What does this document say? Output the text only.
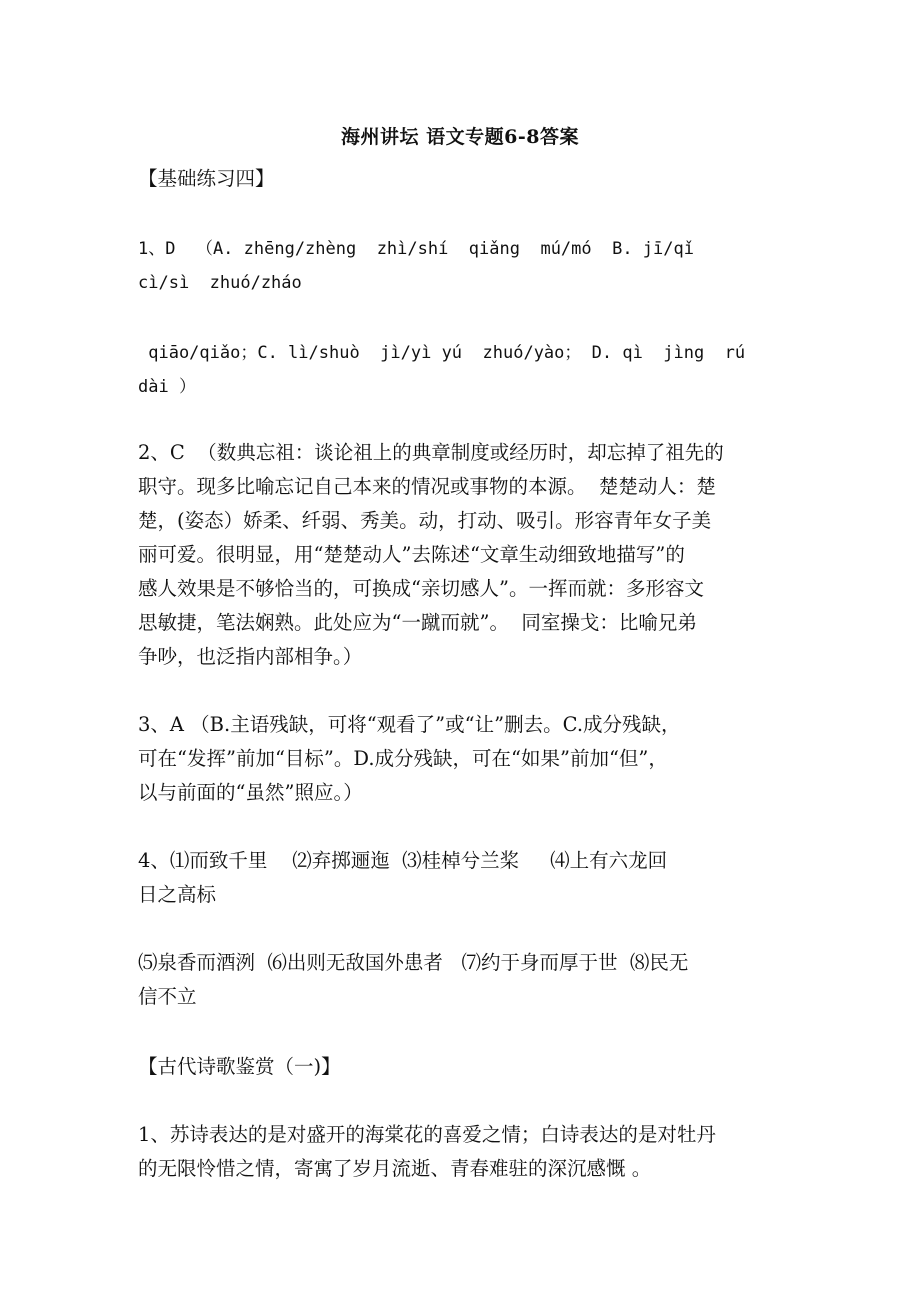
海州讲坛 语文专题6-8答案
【基础练习四】
1、D  （A. zhēng/zhèng  zhì/shí  qiǎng  mú/mó  B. jī/qǐ
cì/sì  zhuó/zháo
qiāo/qiǎo；C. lì/shuò  jì/yì yú  zhuó/yào； D. qì  jìng  rú
dài ）
2、C  （数典忘祖：谈论祖上的典章制度或经历时，却忘掉了祖先的
职守。现多比喻忘记自己本来的情况或事物的本源。  楚楚动人：楚
楚，(姿态）娇柔、纤弱、秀美。动，打动、吸引。形容青年女子美
丽可爱。很明显，用“楚楚动人”去陈述“文章生动细致地描写”的
感人效果是不够恰当的，可换成“亲切感人”。一挥而就：多形容文
思敏捷，笔法娴熟。此处应为“一蹴而就”。  同室操戈：比喻兄弟
争吵，也泛指内部相争。）
3、A （B.主语残缺，可将“观看了”或“让”删去。C.成分残缺，
可在“发挥”前加“目标”。D.成分残缺，可在“如果”前加“但”，
以与前面的“虽然”照应。）
4、⑴而致千里    ⑵弃掷逦迤  ⑶桂棹兮兰桨     ⑷上有六龙回
日之高标
⑸泉香而酒洌  ⑹出则无敌国外患者   ⑺约于身而厚于世  ⑻民无
信不立
【古代诗歌鉴赏（一)】
1、苏诗表达的是对盛开的海棠花的喜爱之情；白诗表达的是对牡丹
的无限怜惜之情，寄寓了岁月流逝、青春难驻的深沉感慨 。
